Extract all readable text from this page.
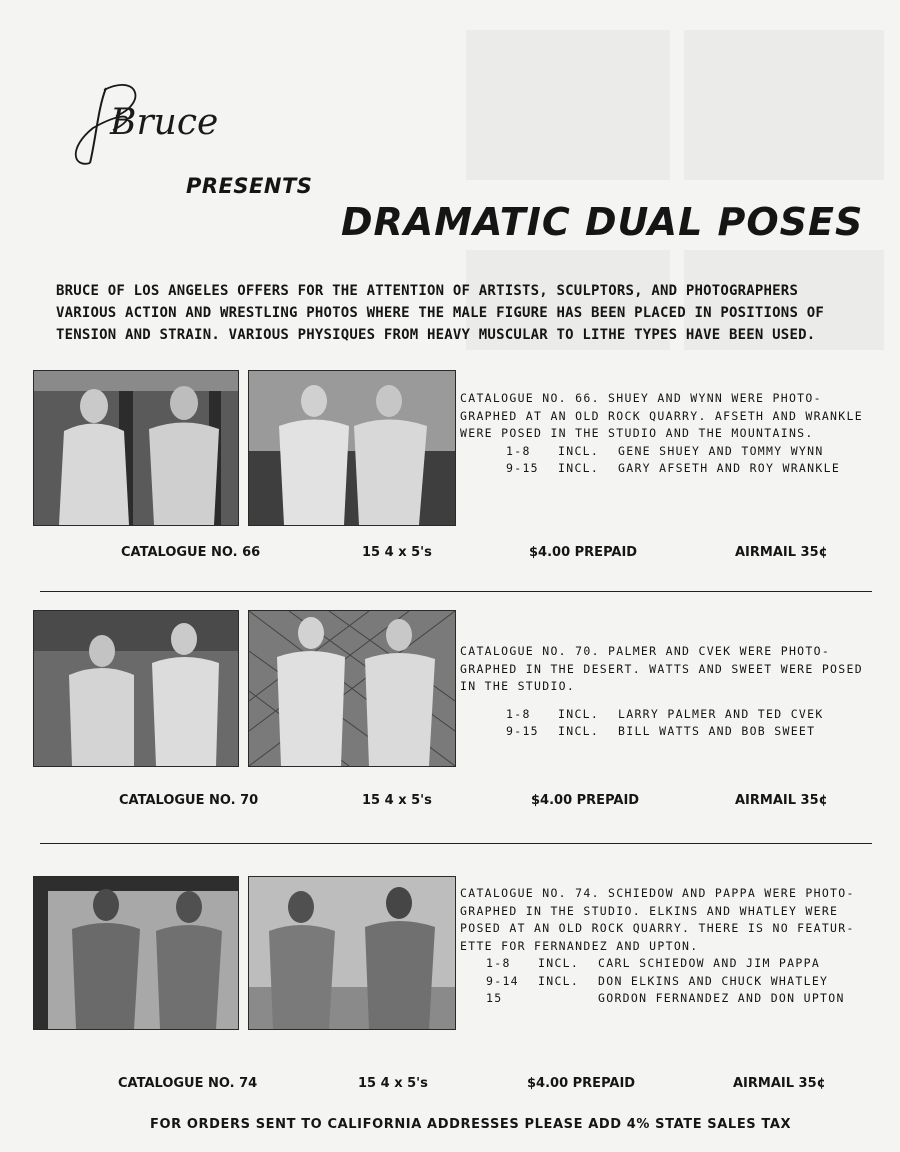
Bruce
PRESENTS
DRAMATIC DUAL POSES
BRUCE OF LOS ANGELES OFFERS FOR THE ATTENTION OF ARTISTS, SCULPTORS, AND PHOTOGRAPHERS
VARIOUS ACTION AND WRESTLING PHOTOS WHERE THE MALE FIGURE HAS BEEN PLACED IN POSITIONS OF
TENSION AND STRAIN. VARIOUS PHYSIQUES FROM HEAVY MUSCULAR TO LITHE TYPES HAVE BEEN USED.
CATALOGUE NO. 66. SHUEY AND WYNN WERE PHOTO-
GRAPHED AT AN OLD ROCK QUARRY. AFSETH AND WRANKLE
WERE POSED IN THE STUDIO AND THE MOUNTAINS.
1-8 INCL. GENE SHUEY AND TOMMY WYNN
9-15 INCL. GARY AFSETH AND ROY WRANKLE
CATALOGUE NO. 66	15 4 x 5's	$4.00 PREPAID	AIRMAIL 35¢
CATALOGUE NO. 70. PALMER AND CVEK WERE PHOTO-
GRAPHED IN THE DESERT. WATTS AND SWEET WERE POSED
IN THE STUDIO.
1-8 INCL. LARRY PALMER AND TED CVEK
9-15 INCL. BILL WATTS AND BOB SWEET
CATALOGUE NO. 70	15 4 x 5's	$4.00 PREPAID	AIRMAIL 35¢
CATALOGUE NO. 74. SCHIEDOW AND PAPPA WERE PHOTO-
GRAPHED IN THE STUDIO. ELKINS AND WHATLEY WERE
POSED AT AN OLD ROCK QUARRY. THERE IS NO FEATUR-
ETTE FOR FERNANDEZ AND UPTON.
1-8 INCL. CARL SCHIEDOW AND JIM PAPPA
9-14 INCL. DON ELKINS AND CHUCK WHATLEY
15	GORDON FERNANDEZ AND DON UPTON
CATALOGUE NO. 74	15 4 x 5's	$4.00 PREPAID	AIRMAIL 35¢
FOR ORDERS SENT TO CALIFORNIA ADDRESSES PLEASE ADD 4% STATE SALES TAX
